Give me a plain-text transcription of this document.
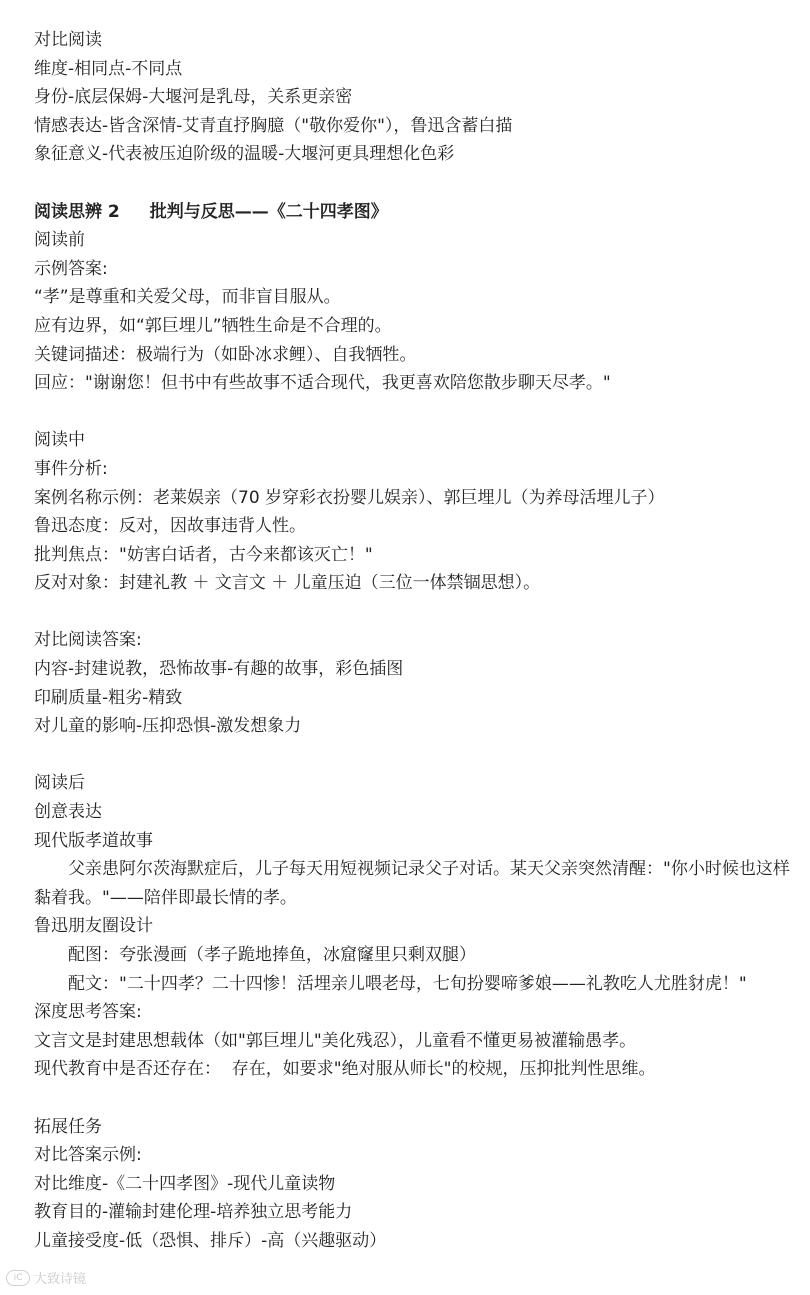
对比阅读
维度-相同点-不同点
身份-底层保姆-大堰河是乳母，关系更亲密
情感表达-皆含深情-艾青直抒胸臆（"敬你爱你"），鲁迅含蓄白描
象征意义-代表被压迫阶级的温暖-大堰河更具理想化色彩
阅读思辨 2 批判与反思——《二十四孝图》
阅读前
示例答案:
“孝”是尊重和关爱父母，而非盲目服从。
应有边界，如“郭巨埋儿”牺牲生命是不合理的。
关键词描述：极端行为（如卧冰求鲤）、自我牺牲。
回应："谢谢您！但书中有些故事不适合现代，我更喜欢陪您散步聊天尽孝。"
阅读中
事件分析:
案例名称示例：老莱娱亲（70 岁穿彩衣扮婴儿娱亲）、郭巨埋儿（为养母活埋儿子）
鲁迅态度：反对，因故事违背人性。
批判焦点："妨害白话者，古今来都该灭亡！"
反对对象：封建礼教 ＋ 文言文 ＋ 儿童压迫（三位一体禁锢思想）。
对比阅读答案:
内容-封建说教，恐怖故事-有趣的故事，彩色插图
印刷质量-粗劣-精致
对儿童的影响-压抑恐惧-激发想象力
阅读后
创意表达
现代版孝道故事
父亲患阿尔茨海默症后，儿子每天用短视频记录父子对话。某天父亲突然清醒："你小时候也这样黏着我。"——陪伴即最长情的孝。
鲁迅朋友圈设计
配图：夸张漫画（孝子跪地捧鱼，冰窟窿里只剩双腿）
配文："二十四孝？二十四惨！活埋亲儿喂老母，七旬扮婴啼爹娘——礼教吃人尤胜豺虎！"
深度思考答案:
文言文是封建思想载体（如"郭巨埋儿"美化残忍），儿童看不懂更易被灌输愚孝。
现代教育中是否还存在：  存在，如要求"绝对服从师长"的校规，压抑批判性思维。
拓展任务
对比答案示例:
对比维度-《二十四孝图》-现代儿童读物
教育目的-灌输封建伦理-培养独立思考能力
儿童接受度-低（恐惧、排斥）-高（兴趣驱动）
iC 大致诗镜
